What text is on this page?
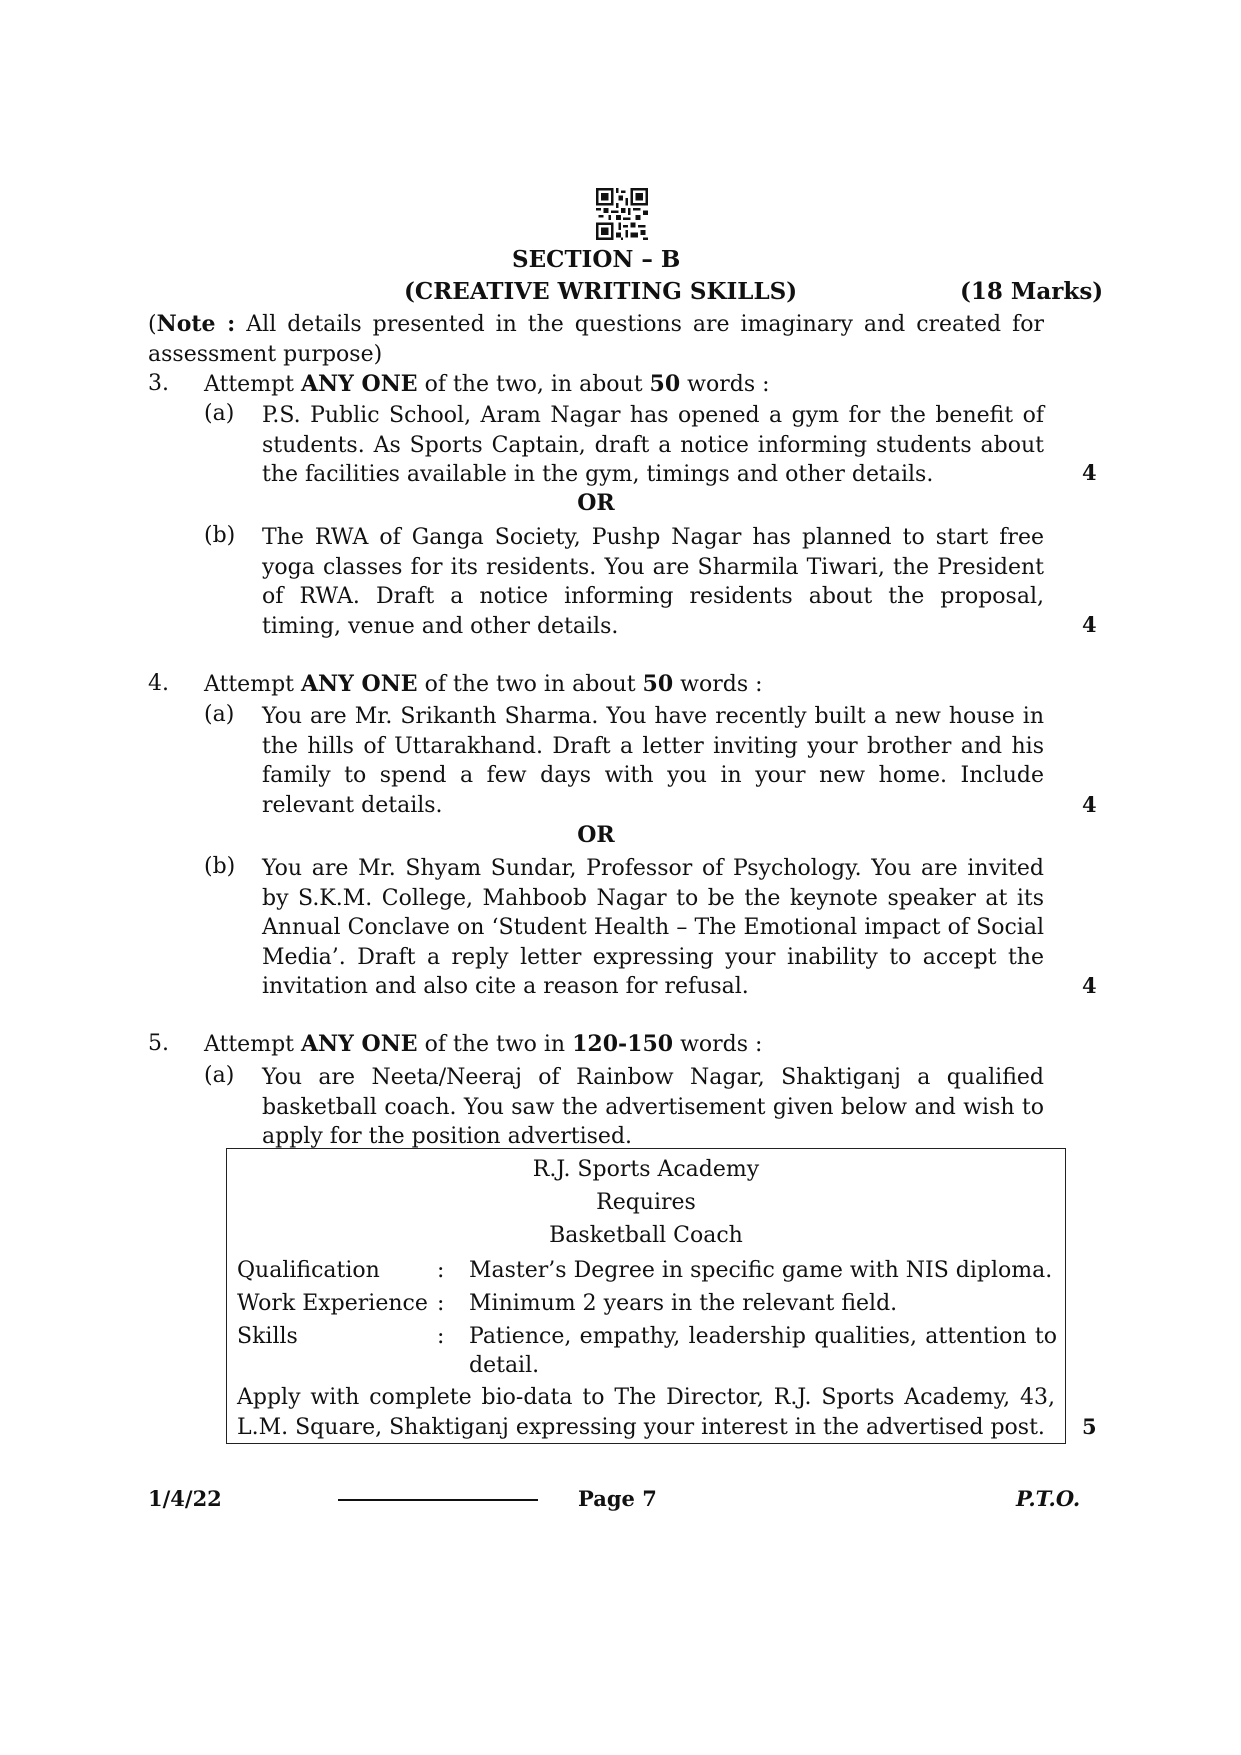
SECTION – B
(CREATIVE WRITING SKILLS)	(18 Marks)
(Note : All details presented in the questions are imaginary and created for assessment purpose)
3. Attempt ANY ONE of the two, in about 50 words :
(a) P.S. Public School, Aram Nagar has opened a gym for the benefit of students. As Sports Captain, draft a notice informing students about the facilities available in the gym, timings and other details.	4
OR
(b) The RWA of Ganga Society, Pushp Nagar has planned to start free yoga classes for its residents. You are Sharmila Tiwari, the President of RWA. Draft a notice informing residents about the proposal, timing, venue and other details.	4
4. Attempt ANY ONE of the two in about 50 words :
(a) You are Mr. Srikanth Sharma. You have recently built a new house in the hills of Uttarakhand. Draft a letter inviting your brother and his family to spend a few days with you in your new home. Include relevant details.	4
OR
(b) You are Mr. Shyam Sundar, Professor of Psychology. You are invited by S.K.M. College, Mahboob Nagar to be the keynote speaker at its Annual Conclave on ‘Student Health – The Emotional impact of Social Media’. Draft a reply letter expressing your inability to accept the invitation and also cite a reason for refusal.	4
5. Attempt ANY ONE of the two in 120-150 words :
(a) You are Neeta/Neeraj of Rainbow Nagar, Shaktiganj a qualified basketball coach. You saw the advertisement given below and wish to apply for the position advertised.
R.J. Sports Academy
Requires
Basketball Coach
Qualification	: Master’s Degree in specific game with NIS diploma.
Work Experience : Minimum 2 years in the relevant field.
Skills	: Patience, empathy, leadership qualities, attention to detail.
Apply with complete bio-data to The Director, R.J. Sports Academy, 43, L.M. Square, Shaktiganj expressing your interest in the advertised post.	5
1/4/22	Page 7	P.T.O.
